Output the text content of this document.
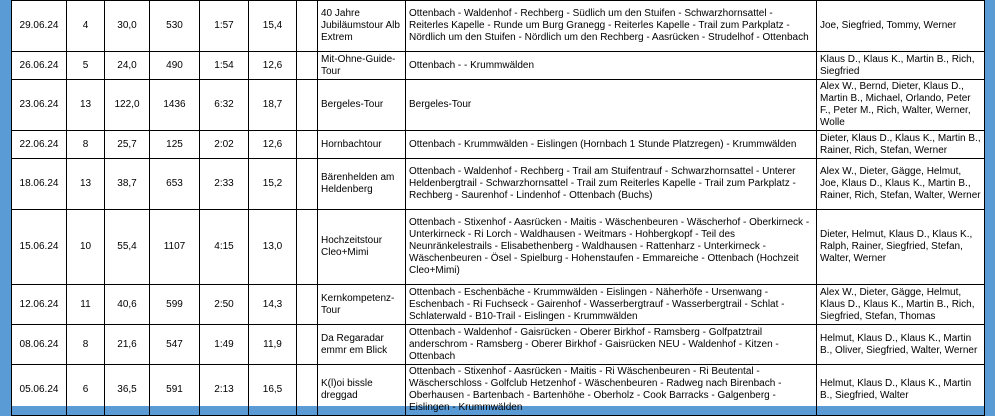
29.06.24	4	30,0	530	1:57	15,4		40 Jahre Jubiläumstour Alb Extrem	Ottenbach - Waldenhof - Rechberg - Südlich um den Stuifen - Schwarzhornsattel - Reiterles Kapelle - Runde um Burg Granegg - Reiterles Kapelle - Trail zum Parkplatz - Nördlich um den Stuifen - Nördlich um den Rechberg - Aasrücken - Strudelhof - Ottenbach	Joe, Siegfried, Tommy, Werner
26.06.24	5	24,0	490	1:54	12,6		Mit-Ohne-Guide-Tour	Ottenbach - - Krummwälden	Klaus D., Klaus K., Martin B., Rich, Siegfried
23.06.24	13	122,0	1436	6:32	18,7		Bergeles-Tour	Bergeles-Tour	Alex W., Bernd, Dieter, Klaus D., Martin B., Michael, Orlando, Peter F., Peter M., Rich, Walter, Werner, Wolle
22.06.24	8	25,7	125	2:02	12,6		Hornbachtour	Ottenbach - Krummwälden - Eislingen (Hornbach 1 Stunde Platzregen) - Krummwälden	Dieter, Klaus D., Klaus K., Martin B., Rainer, Rich, Stefan, Werner
18.06.24	13	38,7	653	2:33	15,2		Bärenhelden am Heldenberg	Ottenbach - Waldenhof - Rechberg - Trail am Stuifentrauf - Schwarzhornsattel - Unterer Heldenbergtrail - Schwarzhornsattel - Trail zum Reiterles Kapelle - Trail zum Parkplatz - Rechberg - Saurenhof - Lindenhof - Ottenbach (Buchs)	Alex W., Dieter, Gägge, Helmut, Joe, Klaus D., Klaus K., Martin B., Rainer, Rich, Stefan, Walter, Werner
15.06.24	10	55,4	1107	4:15	13,0		Hochzeitstour Cleo+Mimi	Ottenbach - Stixenhof - Aasrücken - Maitis - Wäschenbeuren - Wäscherhof - Oberkirneck - Unterkirneck - Ri Lorch - Waldhausen - Weitmars - Hohbergkopf - Teil des Neunränkelestrails - Elisabethenberg - Waldhausen - Rattenharz - Unterkirneck - Wäschenbeuren - Ösel - Spielburg - Hohenstaufen - Emmareiche - Ottenbach (Hochzeit Cleo+Mimi)	Dieter, Helmut, Klaus D., Klaus K., Ralph, Rainer, Siegfried, Stefan, Walter, Werner
12.06.24	11	40,6	599	2:50	14,3		Kernkompetenz-Tour	Ottenbach - Eschenbäche - Krummwälden - Eislingen - Näherhöfe - Ursenwang - Eschenbach - Ri Fuchseck - Gairenhof - Wasserbergtrauf - Wasserbergtrail - Schlat - Schlaterwald - B10-Trail - Eislingen - Krummwälden	Alex W., Dieter, Gägge, Helmut, Klaus D., Klaus K., Martin B., Rich, Siegfried, Stefan, Thomas
08.06.24	8	21,6	547	1:49	11,9		Da Regaradar emmr em Blick	Ottenbach - Waldenhof - Gaisrücken - Oberer Birkhof - Ramsberg - Golfpatztrail anderschrom - Ramsberg - Oberer Birkhof - Gaisrücken NEU - Waldenhof - Kitzen - Ottenbach	Helmut, Klaus D., Klaus K., Martin B., Oliver, Siegfried, Walter, Werner
05.06.24	6	36,5	591	2:13	16,5		K(l)oi bissle dreggad	Ottenbach - Stixenhof - Aasrücken - Maitis - Ri Wäschenbeuren - Ri Beutental - Wäscherschloss - Golfclub Hetzenhof - Wäschenbeuren - Radweg nach Birenbach - Oberhausen - Bartenbach - Bartenhöhe - Oberholz - Cook Barracks - Galgenberg - Eislingen - Krummwälden	Helmut, Klaus D., Klaus K., Martin B., Siegfried, Walter
